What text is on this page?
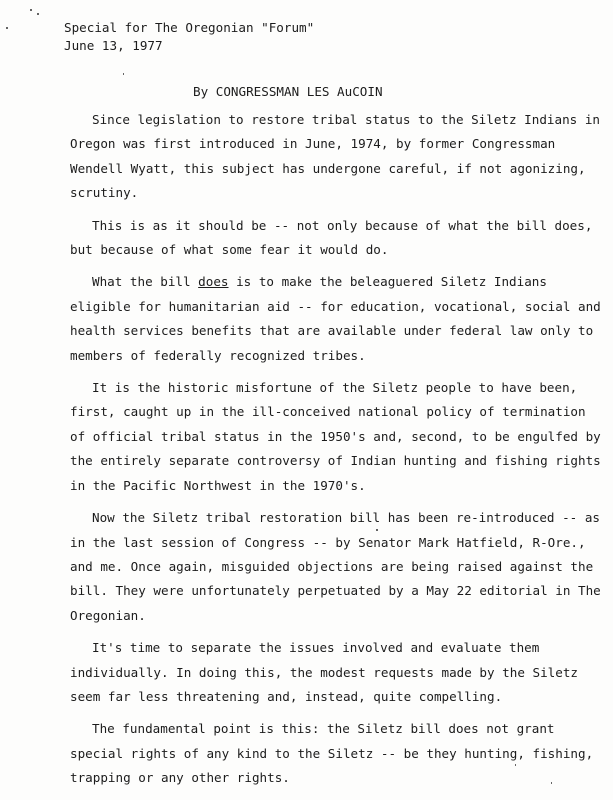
Special for The Oregonian "Forum"
June 13, 1977
By CONGRESSMAN LES AuCOIN

Since legislation to restore tribal status to the Siletz Indians in Oregon was first introduced in June, 1974, by former Congressman Wendell Wyatt, this subject has undergone careful, if not agonizing, scrutiny.

This is as it should be -- not only because of what the bill does, but because of what some fear it would do.

What the bill does is to make the beleaguered Siletz Indians eligible for humanitarian aid -- for education, vocational, social and health services benefits that are available under federal law only to members of federally recognized tribes.

It is the historic misfortune of the Siletz people to have been, first, caught up in the ill-conceived national policy of termination of official tribal status in the 1950's and, second, to be engulfed by the entirely separate controversy of Indian hunting and fishing rights in the Pacific Northwest in the 1970's.

Now the Siletz tribal restoration bill has been re-introduced -- as in the last session of Congress -- by Senator Mark Hatfield, R-Ore., and me. Once again, misguided objections are being raised against the bill. They were unfortunately perpetuated by a May 22 editorial in The Oregonian.

It's time to separate the issues involved and evaluate them individually. In doing this, the modest requests made by the Siletz seem far less threatening and, instead, quite compelling.

The fundamental point is this: the Siletz bill does not grant special rights of any kind to the Siletz -- be they hunting, fishing, trapping or any other rights.
